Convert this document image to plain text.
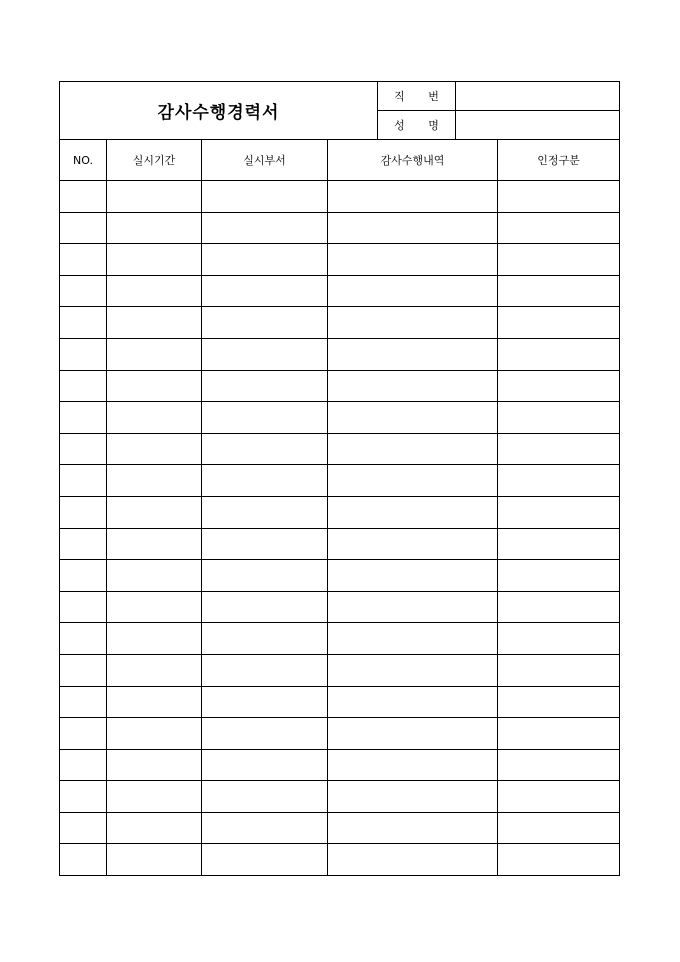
감사수행경력서	직 번	
	성 명	
NO.	실시기간	실시부서	감사수행내역	인정구분
